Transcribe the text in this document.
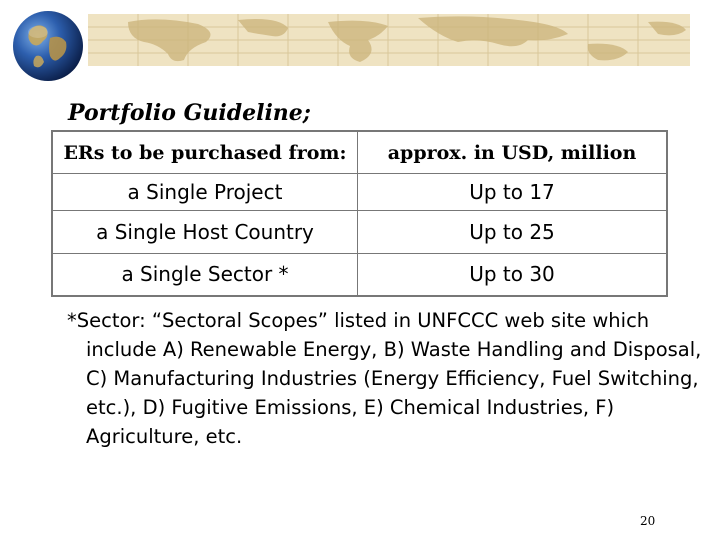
Portfolio Guideline;
ERs to be purchased from:	approx. in USD, million
a Single Project	Up to 17
a Single Host Country	Up to 25
a Single Sector *	Up to 30
*Sector: “Sectoral Scopes” listed in UNFCCC web site which include A) Renewable Energy, B) Waste Handling and Disposal, C) Manufacturing Industries (Energy Efficiency, Fuel Switching, etc.), D) Fugitive Emissions, E) Chemical Industries, F) Agriculture, etc.
20
